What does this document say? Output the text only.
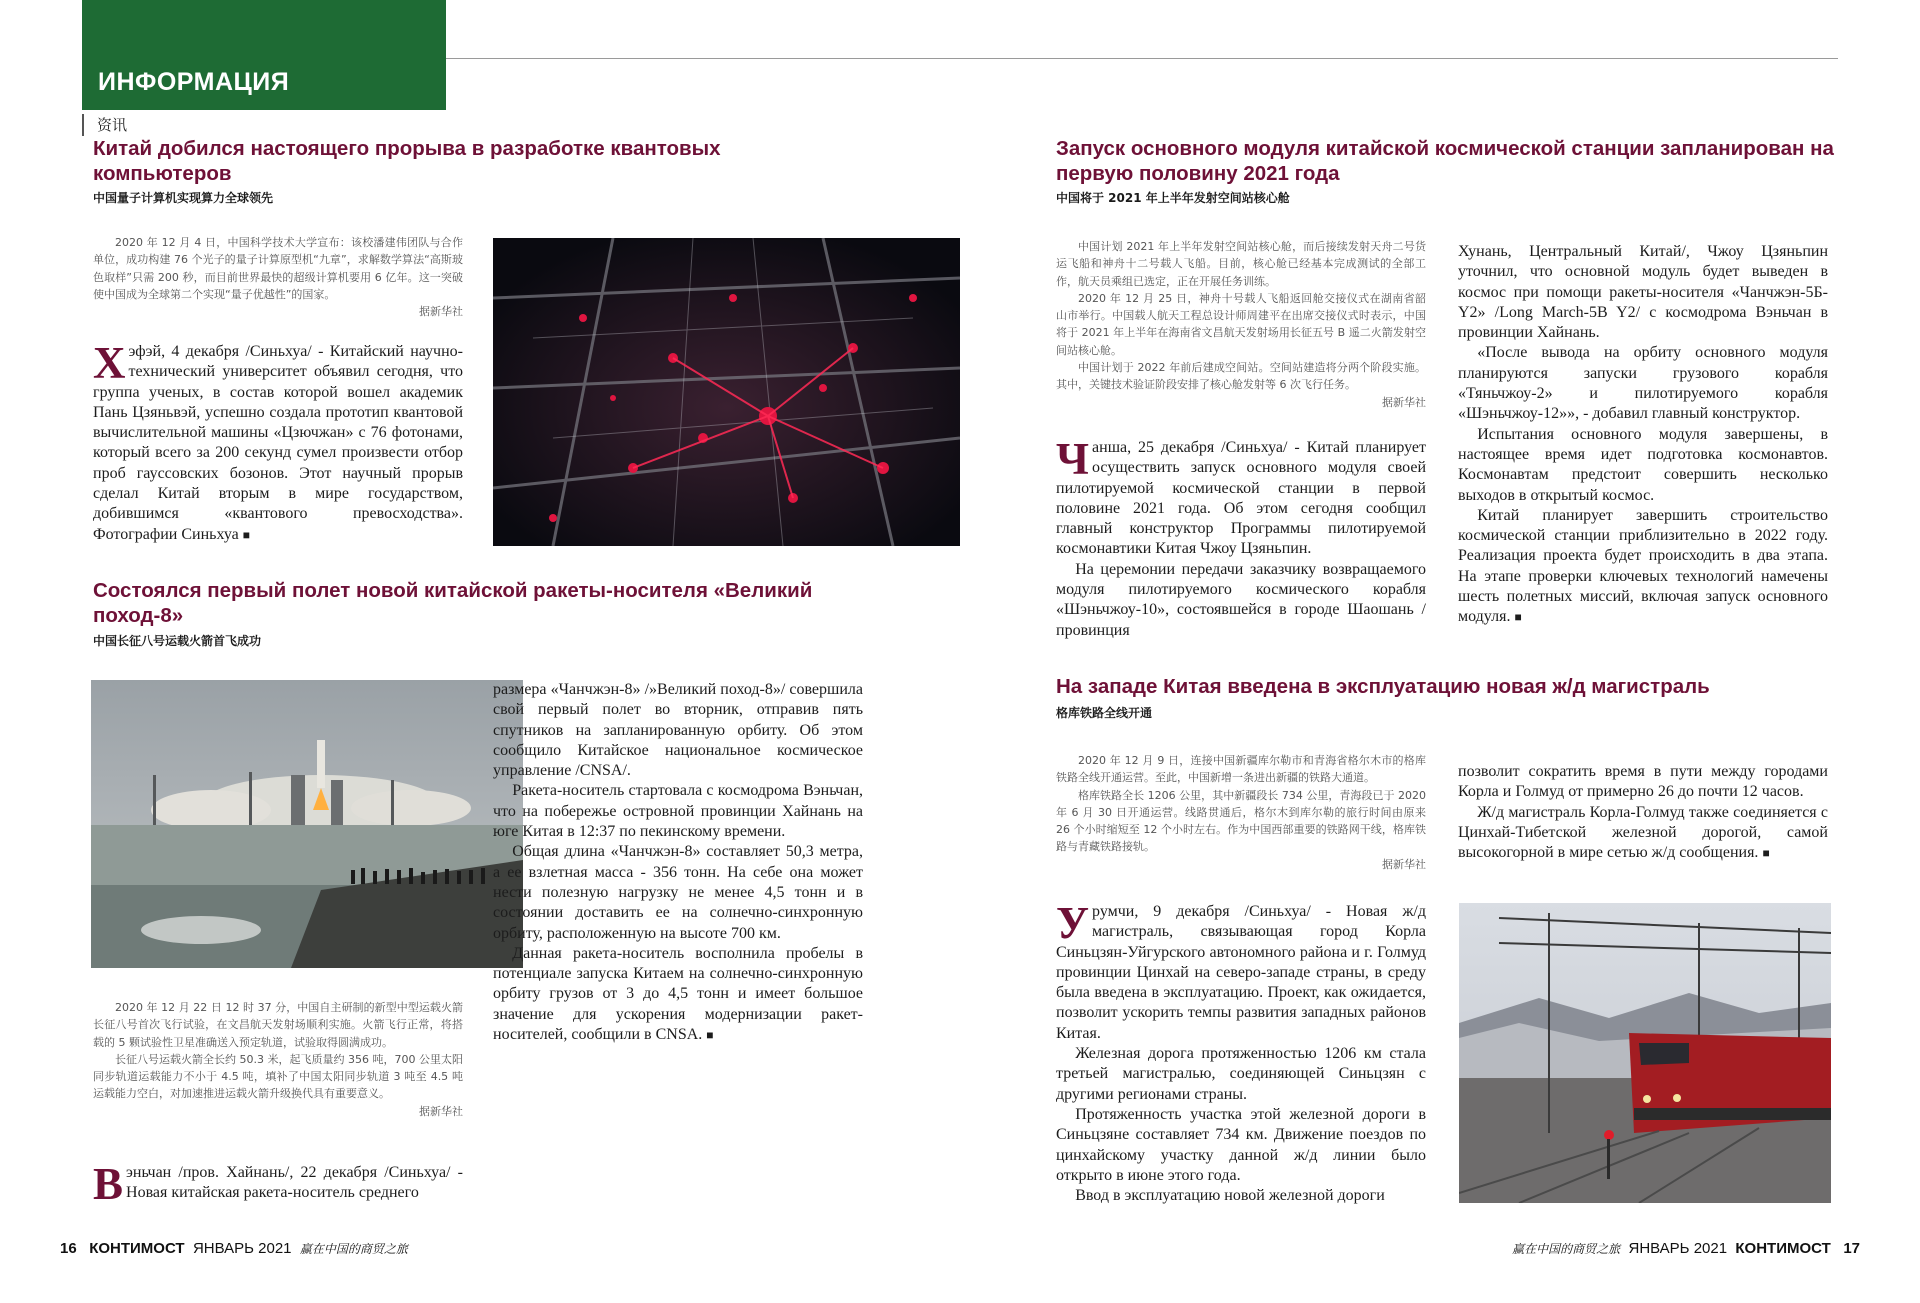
ИНФОРМАЦИЯ
资讯
Китай добился настоящего прорыва в разработке квантовых компьютеров
中国量子计算机实现算力全球领先

2020 年 12 月 4 日，中国科学技术大学宣布：该校潘建伟团队与合作单位，成功构建 76 个光子的量子计算原型机“九章”，求解数学算法“高斯玻色取样”只需 200 秒，而目前世界最快的超级计算机要用 6 亿年。这一突破使中国成为全球第二个实现“量子优越性”的国家。

据新华社
Х эфэй, 4 декабря /Синьхуа/ - Китайский научно-технический университет объявил сегодня, что группа ученых, в состав которой вошел академик Пань Цзяньвэй, успешно создала прототип квантовой вычислительной машины «Цзючжан» с 76 фотонами, который всего за 200 секунд сумел произвести отбор проб гауссовских бозонов. Этот научный прорыв сделал Китай вторым в мире государством, добившимся «квантового превосходства». Фотографии Синьхуа ■

Состоялся первый полет новой китайской ракеты-носителя «Великий поход-8»
中国长征八号运载火箭首飞成功

2020 年 12 月 22 日 12 时 37 分，中国自主研制的新型中型运载火箭长征八号首次飞行试验，在文昌航天发射场顺利实施。火箭飞行正常，将搭载的 5 颗试验性卫星准确送入预定轨道，试验取得圆满成功。

长征八号运载火箭全长约 50.3 米，起飞质量约 356 吨，700 公里太阳同步轨道运载能力不小于 4.5 吨，填补了中国太阳同步轨道 3 吨至 4.5 吨运载能力空白，对加速推进运载火箭升级换代具有重要意义。

据新华社
В эньчан /пров. Хайнань/, 22 декабря /Синьхуа/ - Новая китайская ракета-носитель среднего

размера «Чанчжэн-8» /»Великий поход-8»/ совершила свой первый полет во вторник, отправив пять спутников на запланированную орбиту. Об этом сообщило Китайское национальное космическое управление /CNSA/.

Ракета-носитель стартовала с космодрома Вэньчан, что на побережье островной провинции Хайнань на юге Китая в 12:37 по пекинскому времени.

Общая длина «Чанчжэн-8» составляет 50,3 метра, а ее взлетная масса - 356 тонн. На себе она может нести полезную нагрузку не менее 4,5 тонн и в состоянии доставить ее на солнечно-синхронную орбиту, расположенную на высоте 700 км.

Данная ракета-носитель восполнила пробелы в потенциале запуска Китаем на солнечно-синхронную орбиту грузов от 3 до 4,5 тонн и имеет большое значение для ускорения модернизации ракет-носителей, сообщили в CNSA. ■

Запуск основного модуля китайской космической станции запланирован на первую половину 2021 года
中国将于 2021 年上半年发射空间站核心舱

中国计划 2021 年上半年发射空间站核心舱，而后接续发射天舟二号货运飞船和神舟十二号载人飞船。目前，核心舱已经基本完成测试的全部工作，航天员乘组已选定，正在开展任务训练。

2020 年 12 月 25 日，神舟十号载人飞船返回舱交接仪式在湖南省韶山市举行。中国载人航天工程总设计师周建平在出席交接仪式时表示，中国将于 2021 年上半年在海南省文昌航天发射场用长征五号 B 遥二火箭发射空间站核心舱。

中国计划于 2022 年前后建成空间站。空间站建造将分两个阶段实施。其中，关键技术验证阶段安排了核心舱发射等 6 次飞行任务。

据新华社
Ч анша, 25 декабря /Синьхуа/ - Китай планирует осуществить запуск основного модуля своей пилотируемой космической станции в первой половине 2021 года. Об этом сегодня сообщил главный конструктор Программы пилотируемой космонавтики Китая Чжоу Цзяньпин.

На церемонии передачи заказчику возвращаемого модуля пилотируемого космического корабля «Шэньчжоу-10», состоявшейся в городе Шаошань /провинция

Хунань, Центральный Китай/, Чжоу Цзяньпин уточнил, что основной модуль будет выведен в космос при помощи ракеты-носителя «Чанчжэн-5Б-Y2» /Long March-5B Y2/ с космодрома Вэньчан в провинции Хайнань.

«После вывода на орбиту основного модуля планируются запуски грузового корабля «Тяньчжоу-2» и пилотируемого корабля «Шэньчжоу-12»», - добавил главный конструктор.

Испытания основного модуля завершены, в настоящее время идет подготовка космонавтов. Космонавтам предстоит совершить несколько выходов в открытый космос.

Китай планирует завершить строительство космической станции приблизительно в 2022 году. Реализация проекта будет происходить в два этапа. На этапе проверки ключевых технологий намечены шесть полетных миссий, включая запуск основного модуля. ■

На западе Китая введена в эксплуатацию новая ж/д магистраль
格库铁路全线开通

2020 年 12 月 9 日，连接中国新疆库尔勒市和青海省格尔木市的格库铁路全线开通运营。至此，中国新增一条进出新疆的铁路大通道。

格库铁路全长 1206 公里，其中新疆段长 734 公里，青海段已于 2020 年 6 月 30 日开通运营。线路贯通后，格尔木到库尔勒的旅行时间由原来 26 个小时缩短至 12 个小时左右。作为中国西部重要的铁路网干线，格库铁路与青藏铁路接轨。

据新华社
У румчи, 9 декабря /Синьхуа/ - Новая ж/д магистраль, связывающая город Корла Синьцзян-Уйгурского автономного района и г. Голмуд провинции Цинхай на северо-западе страны, в среду была введена в эксплуатацию. Проект, как ожидается, позволит ускорить темпы развития западных районов Китая.

Железная дорога протяженностью 1206 км стала третьей магистралью, соединяющей Синьцзян с другими регионами страны.

Протяженность участка этой железной дороги в Синьцзяне составляет 734 км. Движение поездов по цинхайскому участку данной ж/д линии было открыто в июне этого года.

Ввод в эксплуатацию новой железной дороги

позволит сократить время в пути между городами Корла и Голмуд от примерно 26 до почти 12 часов.

Ж/д магистраль Корла-Голмуд также соединяется с Цинхай-Тибетской железной дорогой, самой высокогорной в мире сетью ж/д сообщения. ■

16 КОНТИМОСТ ЯНВАРЬ 2021 赢在中国的商贸之旅	赢在中国的商贸之旅 ЯНВАРЬ 2021 КОНТИМОСТ 17
